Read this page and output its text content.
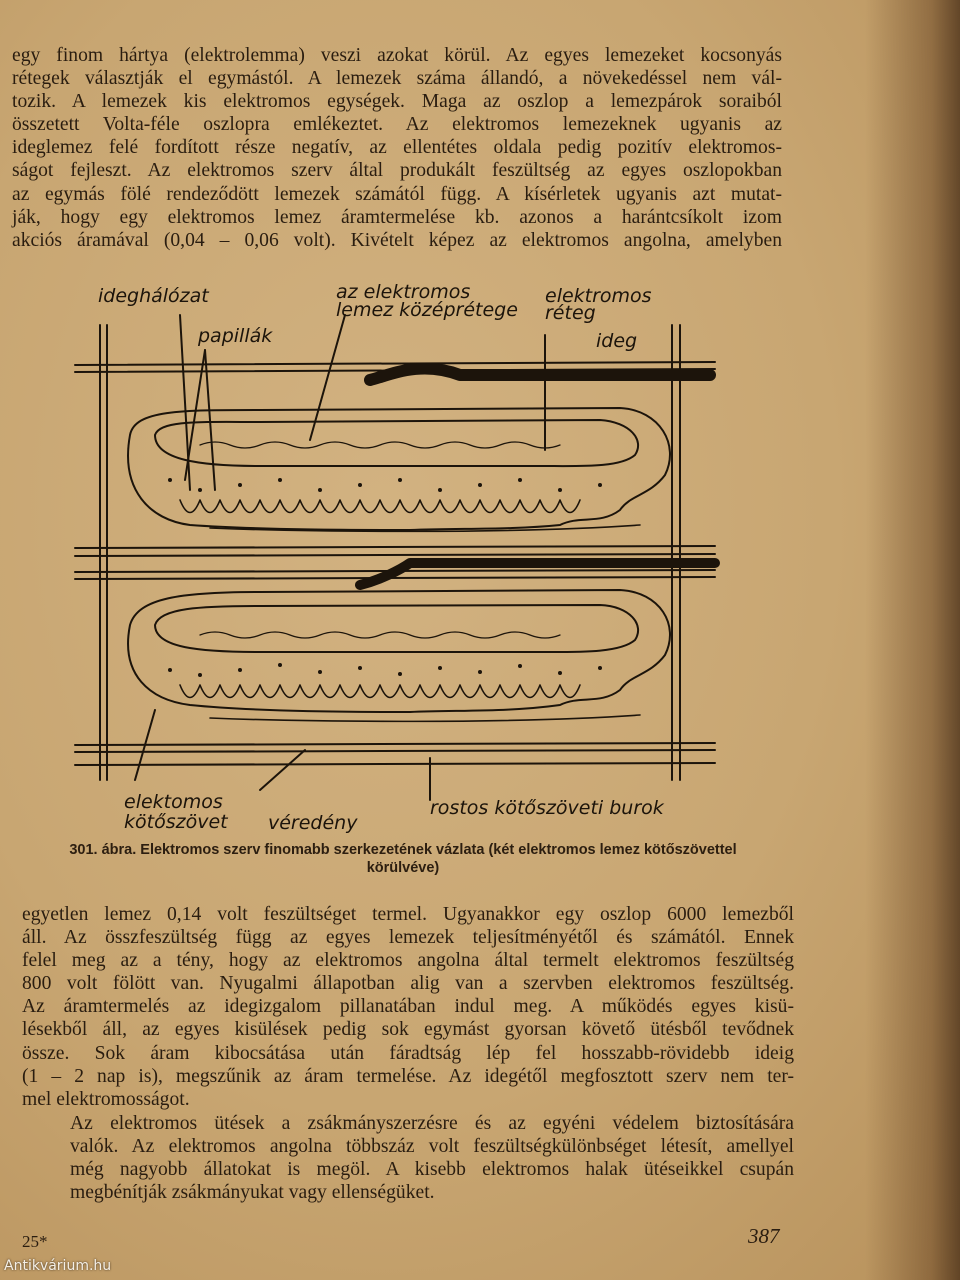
egy finom hártya (elektrolemma) veszi azokat körül. Az egyes lemezeket kocsonyás
rétegek választják el egymástól. A lemezek száma állandó, a növekedéssel nem vál-
tozik. A lemezek kis elektromos egységek. Maga az oszlop a lemezpárok soraiból
összetett Volta-féle oszlopra emlékeztet. Az elektromos lemezeknek ugyanis az
ideglemez felé fordított része negatív, az ellentétes oldala pedig pozitív elektromos-
ságot fejleszt. Az elektromos szerv által produkált feszültség az egyes oszlopokban
az egymás fölé rendeződött lemezek számától függ. A kísérletek ugyanis azt mutat-
ják, hogy egy elektromos lemez áramtermelése kb. azonos a harántcsíkolt izom
akciós áramával (0,04 – 0,06 volt). Kivételt képez az elektromos angolna, amelyben
ideghálózat
papillák
az elektromos
lemez középrétege
elektromos
réteg
ideg
elektomos
kötőszövet véredény
rostos kötőszöveti burok
301. ábra. Elektromos szerv finomabb szerkezetének vázlata (két elektromos lemez kötőszövettel
körülvéve)
egyetlen lemez 0,14 volt feszültséget termel. Ugyanakkor egy oszlop 6000 lemezből
áll. Az összfeszültség függ az egyes lemezek teljesítményétől és számától. Ennek
felel meg az a tény, hogy az elektromos angolna által termelt elektromos feszültség
800 volt fölött van. Nyugalmi állapotban alig van a szervben elektromos feszültség.
Az áramtermelés az idegizgalom pillanatában indul meg. A működés egyes kisü-
lésekből áll, az egyes kisülések pedig sok egymást gyorsan követő ütésből tevődnek
össze. Sok áram kibocsátása után fáradtság lép fel hosszabb-rövidebb ideig
(1 – 2 nap is), megszűnik az áram termelése. Az idegétől megfosztott szerv nem ter-
mel elektromosságot.
Az elektromos ütések a zsákmányszerzésre és az egyéni védelem biztosítására
valók. Az elektromos angolna többszáz volt feszültségkülönbséget létesít, amellyel
még nagyobb állatokat is megöl. A kisebb elektromos halak ütéseikkel csupán
megbénítják zsákmányukat vagy ellenségüket.
25*	387
Antikvárium.hu
